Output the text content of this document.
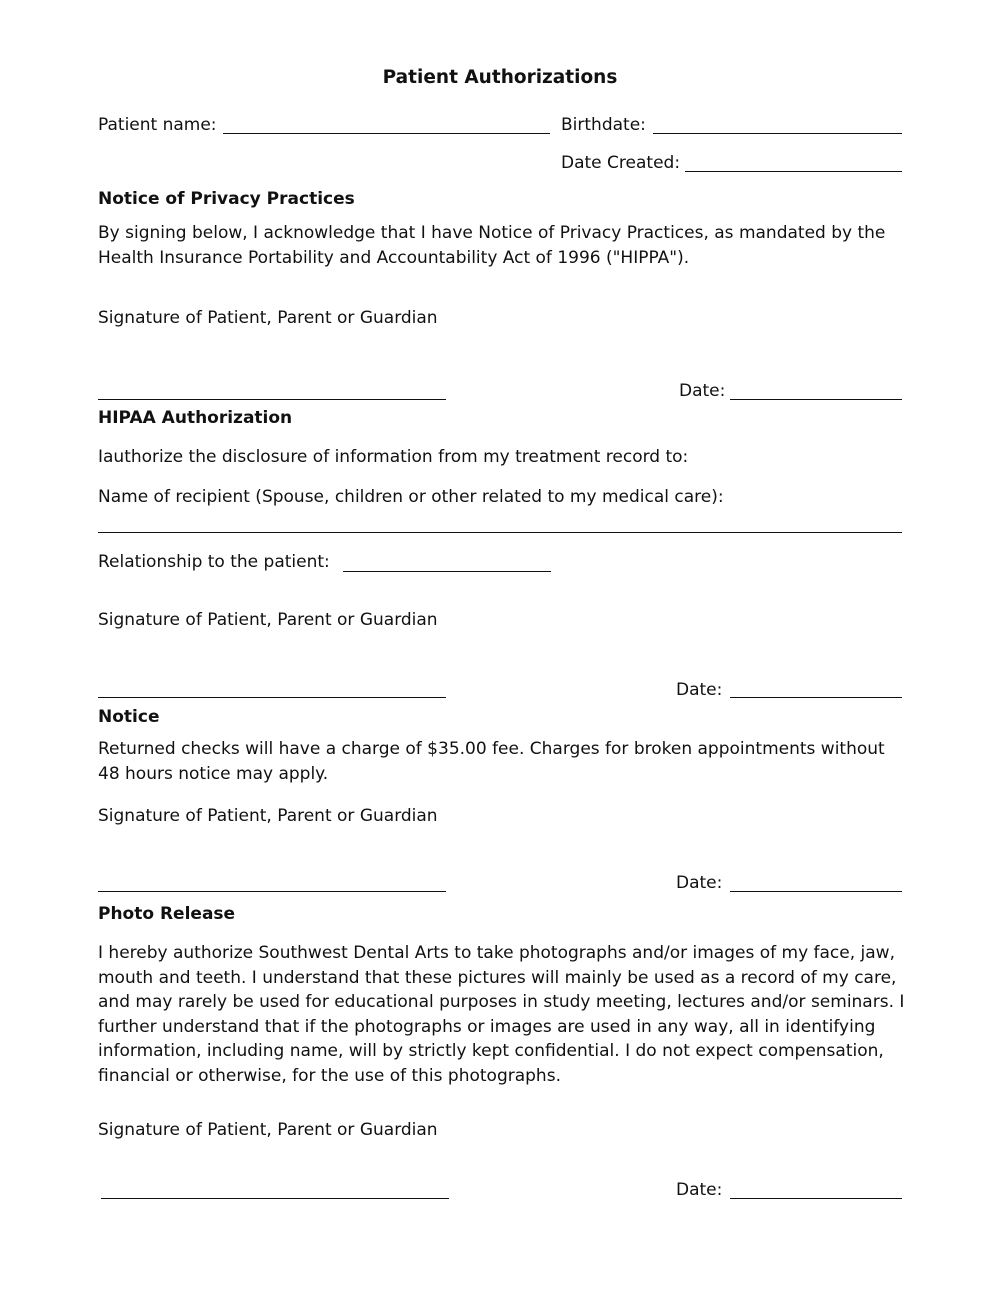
Patient Authorizations
Patient name:	Birthdate:
Date Created:
Notice of Privacy Practices
By signing below, I acknowledge that I have Notice of Privacy Practices, as mandated by the Health Insurance Portability and Accountability Act of 1996 ("HIPPA").
Signature of Patient, Parent or Guardian
Date:
HIPAA Authorization
Iauthorize the disclosure of information from my treatment record to:
Name of recipient (Spouse, children or other related to my medical care):
Relationship to the patient:
Signature of Patient, Parent or Guardian
Date:
Notice
Returned checks will have a charge of $35.00 fee. Charges for broken appointments without 48 hours notice may apply.
Signature of Patient, Parent or Guardian
Date:
Photo Release
I hereby authorize Southwest Dental Arts to take photographs and/or images of my face, jaw,
mouth and teeth. I understand that these pictures will mainly be used as a record of my care,
and may rarely be used for educational purposes in study meeting, lectures and/or seminars. I
further understand that if the photographs or images are used in any way, all in identifying
information, including name, will by strictly kept confidential. I do not expect compensation,
financial or otherwise, for the use of this photographs.
Signature of Patient, Parent or Guardian
Date:
